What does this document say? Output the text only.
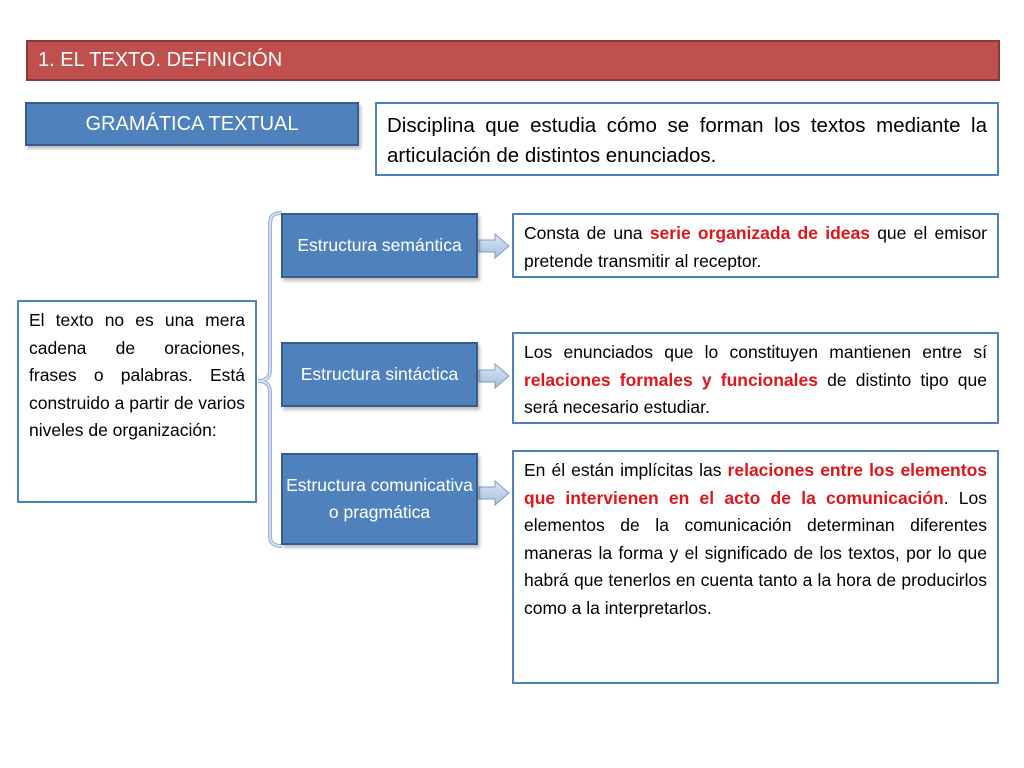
1. EL TEXTO. DEFINICIÓN
GRAMÁTICA TEXTUAL	Disciplina que estudia cómo se forman los textos mediante la articulación de distintos enunciados.
El texto no es una mera cadena de oraciones, frases o palabras. Está construido a partir de varios niveles de organización:
Estructura semántica
Estructura sintáctica
Estructura comunicativa o pragmática
Consta de una serie organizada de ideas que el emisor pretende transmitir al receptor.
Los enunciados que lo constituyen mantienen entre sí relaciones formales y funcionales de distinto tipo que será necesario estudiar.
En él están implícitas las relaciones entre los elementos que intervienen en el acto de la comunicación. Los elementos de la comunicación determinan diferentes maneras la forma y el significado de los textos, por lo que habrá que tenerlos en cuenta tanto a la hora de producirlos como a la interpretarlos.
